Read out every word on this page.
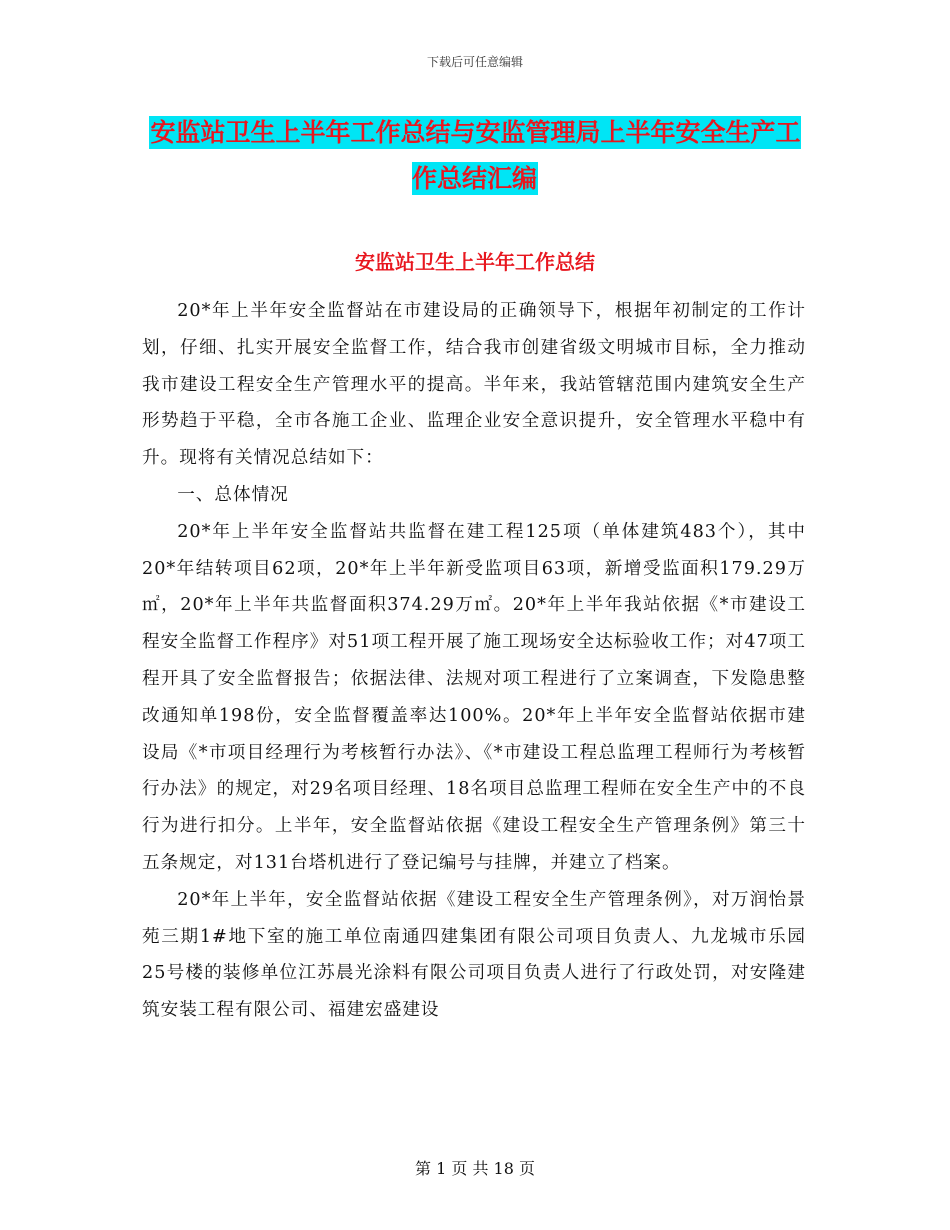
下载后可任意编辑
安监站卫生上半年工作总结与安监管理局上半年安全生产工作总结汇编
安监站卫生上半年工作总结

20*年上半年安全监督站在市建设局的正确领导下，根据年初制定的工作计划，仔细、扎实开展安全监督工作，结合我市创建省级文明城市目标，全力推动我市建设工程安全生产管理水平的提高。半年来，我站管辖范围内建筑安全生产形势趋于平稳，全市各施工企业、监理企业安全意识提升，安全管理水平稳中有升。现将有关情况总结如下：

一、总体情况

20*年上半年安全监督站共监督在建工程125项（单体建筑483个），其中20*年结转项目62项，20*年上半年新受监项目63项，新增受监面积179.29万㎡，20*年上半年共监督面积374.29万㎡。20*年上半年我站依据《*市建设工程安全监督工作程序》对51项工程开展了施工现场安全达标验收工作；对47项工程开具了安全监督报告；依据法律、法规对项工程进行了立案调查，下发隐患整改通知单198份，安全监督覆盖率达100%。20*年上半年安全监督站依据市建设局《*市项目经理行为考核暂行办法》、《*市建设工程总监理工程师行为考核暂行办法》的规定，对29名项目经理、18名项目总监理工程师在安全生产中的不良行为进行扣分。上半年，安全监督站依据《建设工程安全生产管理条例》第三十五条规定，对131台塔机进行了登记编号与挂牌，并建立了档案。

20*年上半年，安全监督站依据《建设工程安全生产管理条例》，对万润怡景苑三期1#地下室的施工单位南通四建集团有限公司项目负责人、九龙城市乐园25号楼的装修单位江苏晨光涂料有限公司项目负责人进行了行政处罚，对安隆建筑安装工程有限公司、福建宏盛建设

第 1 页 共 18 页
